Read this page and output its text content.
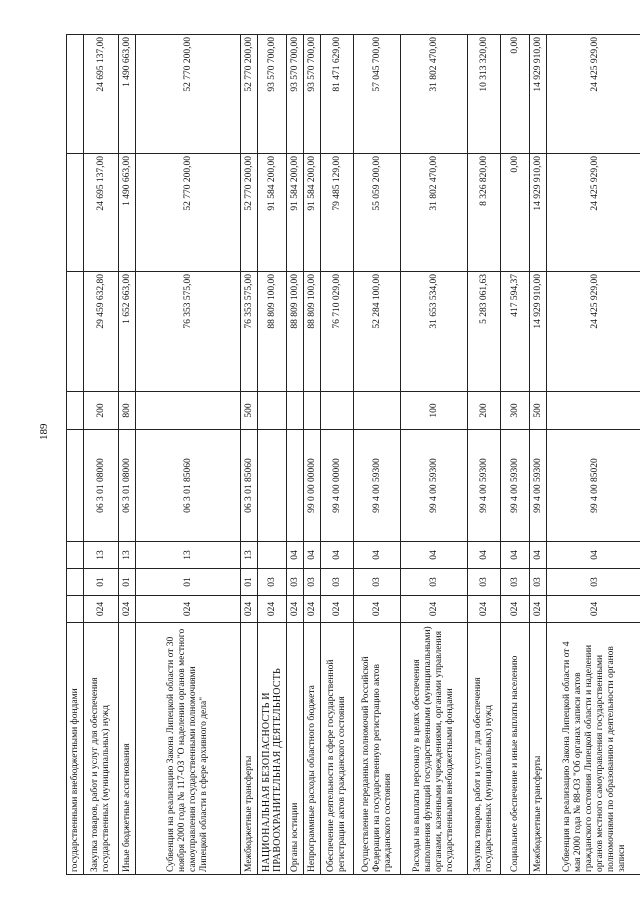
189
государственными внебюджетными фондами								
Закупка товаров, работ и услуг для обеспечения государственных (муниципальных) нужд	024	01	13	06 3 01 08000	200	29 459 632,80	24 695 137,00	24 695 137,00
Иные бюджетные ассигнования	024	01	13	06 3 01 08000	800	1 652 663,00	1 490 663,00	1 490 663,00
Субвенция на реализацию Закона Липецкой области от 30 ноября 2000 года № 117-ОЗ "О наделении органов местного самоуправления государственными полномочиями Липецкой области в сфере архивного дела"	024	01	13	06 3 01 85060		76 353 575,00	52 770 200,00	52 770 200,00
Межбюджетные трансферты	024	01	13	06 3 01 85060	500	76 353 575,00	52 770 200,00	52 770 200,00
НАЦИОНАЛЬНАЯ БЕЗОПАСНОСТЬ И ПРАВООХРАНИТЕЛЬНАЯ ДЕЯТЕЛЬНОСТЬ	024	03				88 809 100,00	91 584 200,00	93 570 700,00
Органы юстиции	024	03	04			88 809 100,00	91 584 200,00	93 570 700,00
Непрограммные расходы областного бюджета	024	03	04	99 0 00 00000		88 809 100,00	91 584 200,00	93 570 700,00
Обеспечение деятельности в сфере государственной регистрации актов гражданского состояния	024	03	04	99 4 00 00000		76 710 029,00	79 485 129,00	81 471 629,00
Осуществление переданных полномочий Российской Федерации на государственную регистрацию актов гражданского состояния	024	03	04	99 4 00 59300		52 284 100,00	55 059 200,00	57 045 700,00
Расходы на выплаты персоналу в целях обеспечения выполнения функций государственными (муниципальными) органами, казенными учреждениями, органами управления государственными внебюджетными фондами	024	03	04	99 4 00 59300	100	31 653 534,00	31 802 470,00	31 802 470,00
Закупка товаров, работ и услуг для обеспечения государственных (муниципальных) нужд	024	03	04	99 4 00 59300	200	5 283 061,63	8 326 820,00	10 313 320,00
Социальное обеспечение и иные выплаты населению	024	03	04	99 4 00 59300	300	417 594,37	0,00	0,00
Межбюджетные трансферты	024	03	04	99 4 00 59300	500	14 929 910,00	14 929 910,00	14 929 910,00
Субвенция на реализацию Закона Липецкой области от 4 мая 2000 года № 88-ОЗ "Об органах записи актов гражданского состояния Липецкой области и наделении органов местного самоуправления государственными полномочиями по образованию и деятельности органов записи	024	03	04	99 4 00 85020		24 425 929,00	24 425 929,00	24 425 929,00
